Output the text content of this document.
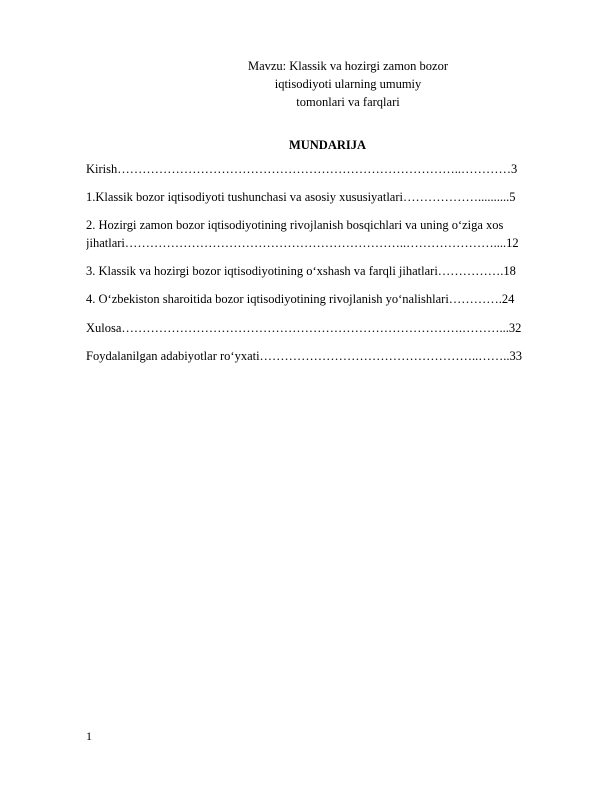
Mavzu: Klassik va hozirgi zamon bozor
iqtisodiyoti ularning umumiy
tomonlari va farqlari
MUNDARIJA
Kirish………………………………………………………………………..…………3
1.Klassik bozor iqtisodiyoti tushunchasi va asosiy xususiyatlari………………..........5
2. Hozirgi zamon bozor iqtisodiyotining rivojlanish bosqichlari va uning o‘ziga xos
jihatlari…………………………………………………………..…………………....12
3. Klassik va hozirgi bozor iqtisodiyotining o‘xshash va farqli jihatlari…………….18
4. O‘zbekiston sharoitida bozor iqtisodiyotining rivojlanish yo‘nalishlari………….24
Xulosa……………………………………………………………………….………...32
Foydalanilgan adabiyotlar ro‘yxati……………………………………………..……..33
1
